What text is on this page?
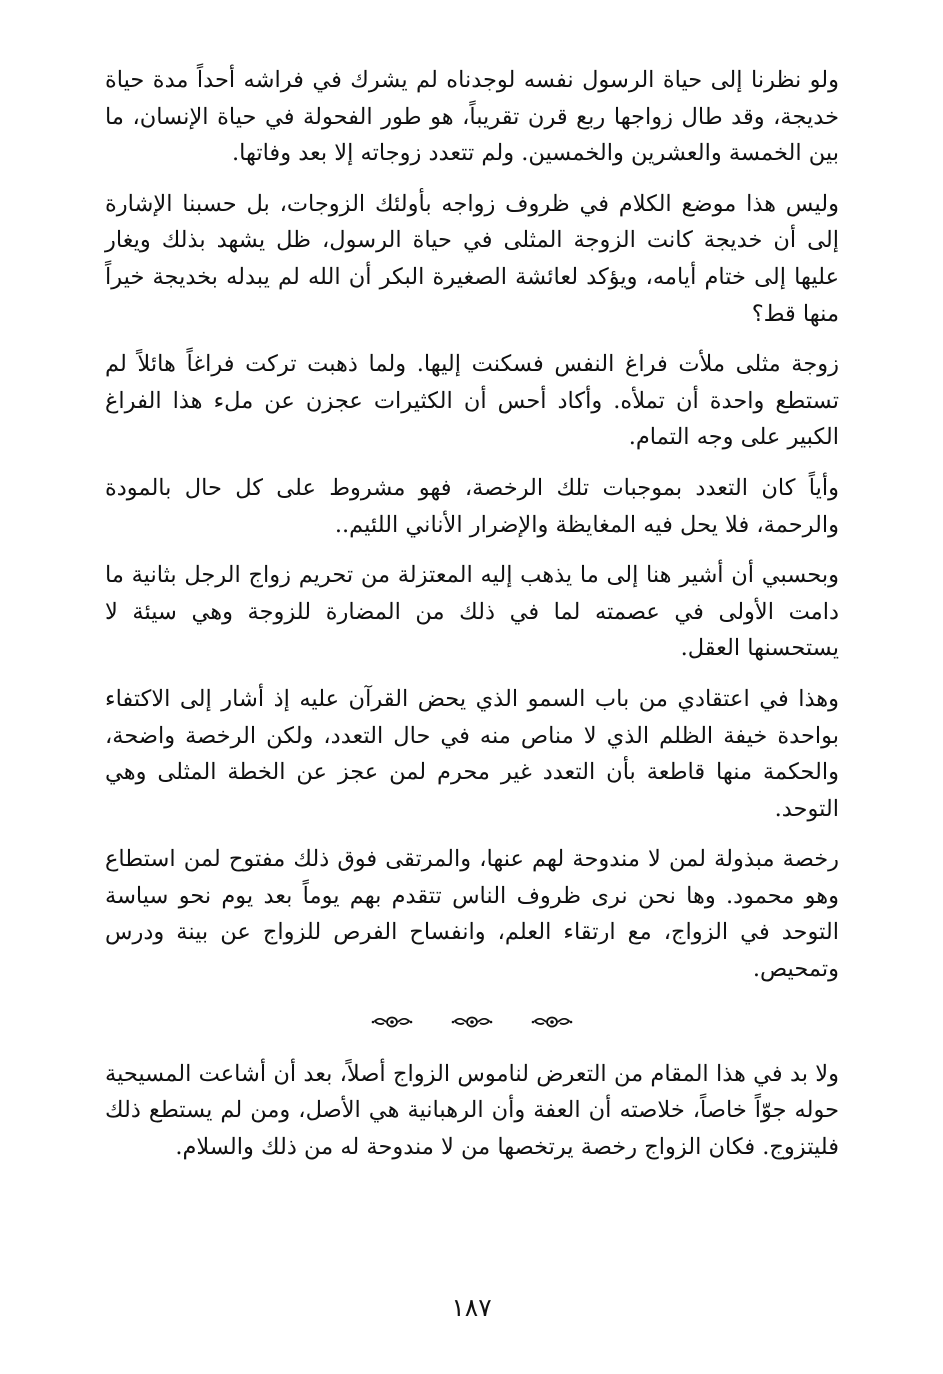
ولو نظرنا إلى حياة الرسول نفسه لوجدناه لم يشرك في فراشه أحداً مدة حياة خديجة، وقد طال زواجها ربع قرن تقريباً، هو طور الفحولة في حياة الإنسان، ما بين الخمسة والعشرين والخمسين. ولم تتعدد زوجاته إلا بعد وفاتها.

وليس هذا موضع الكلام في ظروف زواجه بأولئك الزوجات، بل حسبنا الإشارة إلى أن خديجة كانت الزوجة المثلى في حياة الرسول، ظل يشهد بذلك ويغار عليها إلى ختام أيامه، ويؤكد لعائشة الصغيرة البكر أن الله لم يبدله بخديجة خيراً منها قط؟

زوجة مثلى ملأت فراغ النفس فسكنت إليها. ولما ذهبت تركت فراغاً هائلاً لم تستطع واحدة أن تملأه. وأكاد أحس أن الكثيرات عجزن عن ملء هذا الفراغ الكبير على وجه التمام.

وأياً كان التعدد بموجبات تلك الرخصة، فهو مشروط على كل حال بالمودة والرحمة، فلا يحل فيه المغايظة والإضرار الأناني اللئيم..

وبحسبي أن أشير هنا إلى ما يذهب إليه المعتزلة من تحريم زواج الرجل بثانية ما دامت الأولى في عصمته لما في ذلك من المضارة للزوجة وهي سيئة لا يستحسنها العقل.

وهذا في اعتقادي من باب السمو الذي يحض القرآن عليه إذ أشار إلى الاكتفاء بواحدة خيفة الظلم الذي لا مناص منه في حال التعدد، ولكن الرخصة واضحة، والحكمة منها قاطعة بأن التعدد غير محرم لمن عجز عن الخطة المثلى وهي التوحد.

رخصة مبذولة لمن لا مندوحة لهم عنها، والمرتقى فوق ذلك مفتوح لمن استطاع وهو محمود. وها نحن نرى ظروف الناس تتقدم بهم يوماً بعد يوم نحو سياسة التوحد في الزواج، مع ارتقاء العلم، وانفساح الفرص للزواج عن بينة ودرس وتمحيص.

ولا بد في هذا المقام من التعرض لناموس الزواج أصلاً، بعد أن أشاعت المسيحية حوله جوّاً خاصاً، خلاصته أن العفة وأن الرهبانية هي الأصل، ومن لم يستطع ذلك فليتزوج. فكان الزواج رخصة يرتخصها من لا مندوحة له من ذلك والسلام.

١٨٧
